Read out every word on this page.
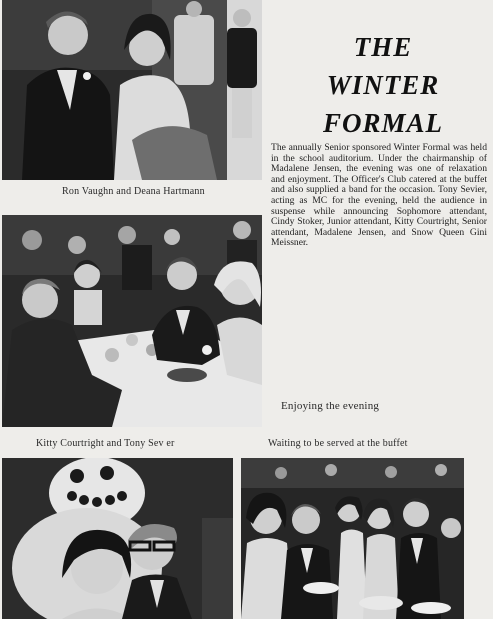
Ron Vaughn and Deana Hartmann
THE
WINTER
FORMAL
The annually Senior sponsored Winter Formal was held in the school auditorium. Under the chairmanship of Madalene Jensen, the evening was one of relaxation and enjoyment. The Officer's Club catered at the buffet and also supplied a band for the occasion. Tony Sevier, acting as MC for the evening, held the audience in suspense while announcing Sophomore attendant, Cindy Stoker, Junior attendant, Kitty Courtright, Senior attendant, Madalene Jensen, and Snow Queen Gini Meissner.
Enjoying the evening
Kitty Courtright and Tony Sev er	Waiting to be served at the buffet
